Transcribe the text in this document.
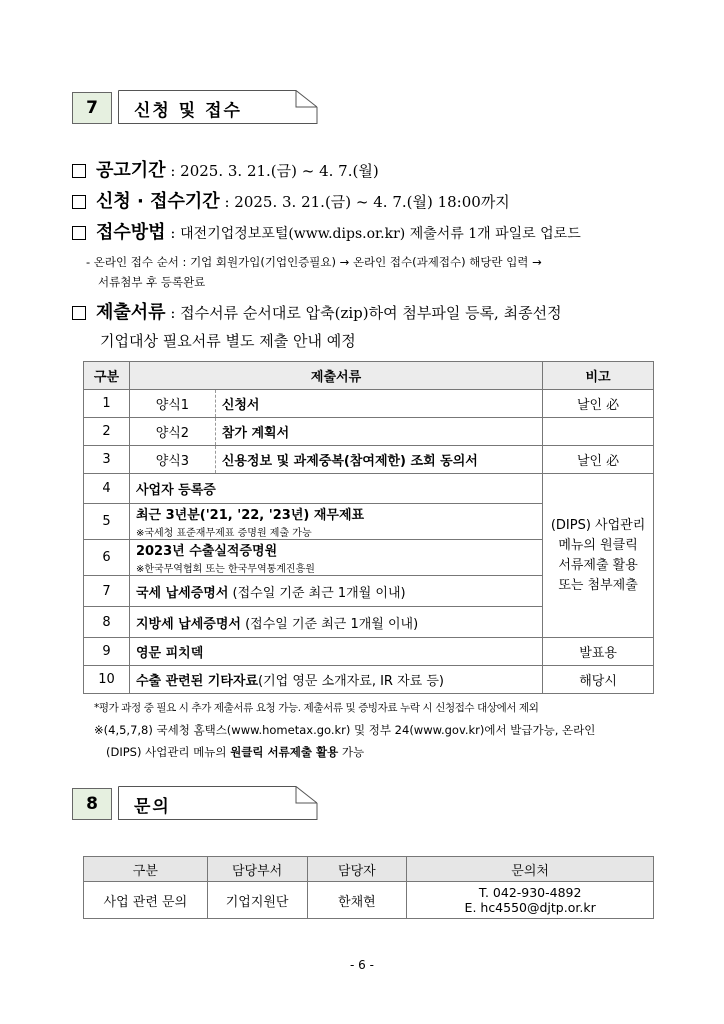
7 신청 및 접수
공고기간 : 2025. 3. 21.(금) ~ 4. 7.(월)
신청 · 접수기간 : 2025. 3. 21.(금) ~ 4. 7.(월) 18:00까지
접수방법 : 대전기업정보포털(www.dips.or.kr) 제출서류 1개 파일로 업로드
- 온라인 접수 순서 : 기업 회원가입(기업인증필요) → 온라인 접수(과제접수) 해당란 입력 →
서류첨부 후 등록완료
제출서류 : 접수서류 순서대로 압축(zip)하여 첨부파일 등록, 최종선정
기업대상 필요서류 별도 제출 안내 예정
구분	제출서류		비고
1	양식1	신청서	날인 必
2	양식2	참가 계획서	
3	양식3	신용정보 및 과제중복(참여제한) 조회 동의서	날인 必
4	사업자 등록증		(DIPS) 사업관리
메뉴의 원클릭
서류제출 활용
또는 첨부제출
5	최근 3년분('21, '22, '23년) 재무제표
※국세청 표준재무제표 증명원 제출 가능		

6	2023년 수출실적증명원
※한국무역협회 또는 한국무역통계진흥원		

7	국세 납세증명서 (접수일 기준 최근 1개월 이내)		
8	지방세 납세증명서 (접수일 기준 최근 1개월 이내)		
9	영문 피치덱		발표용
10	수출 관련된 기타자료(기업 영문 소개자료, IR 자료 등)		해당시
*평가 과정 중 필요 시 추가 제출서류 요청 가능. 제출서류 및 증빙자료 누락 시 신청접수 대상에서 제외
※(4,5,7,8) 국세청 홈택스(www.hometax.go.kr) 및 정부 24(www.gov.kr)에서 발급가능, 온라인
(DIPS) 사업관리 메뉴의 원클릭 서류제출 활용 가능
8 문의
구분	담당부서	담당자	문의처
사업 관련 문의	기업지원단	한채현	T. 042-930-4892
E. hc4550@djtp.or.kr
- 6 -
